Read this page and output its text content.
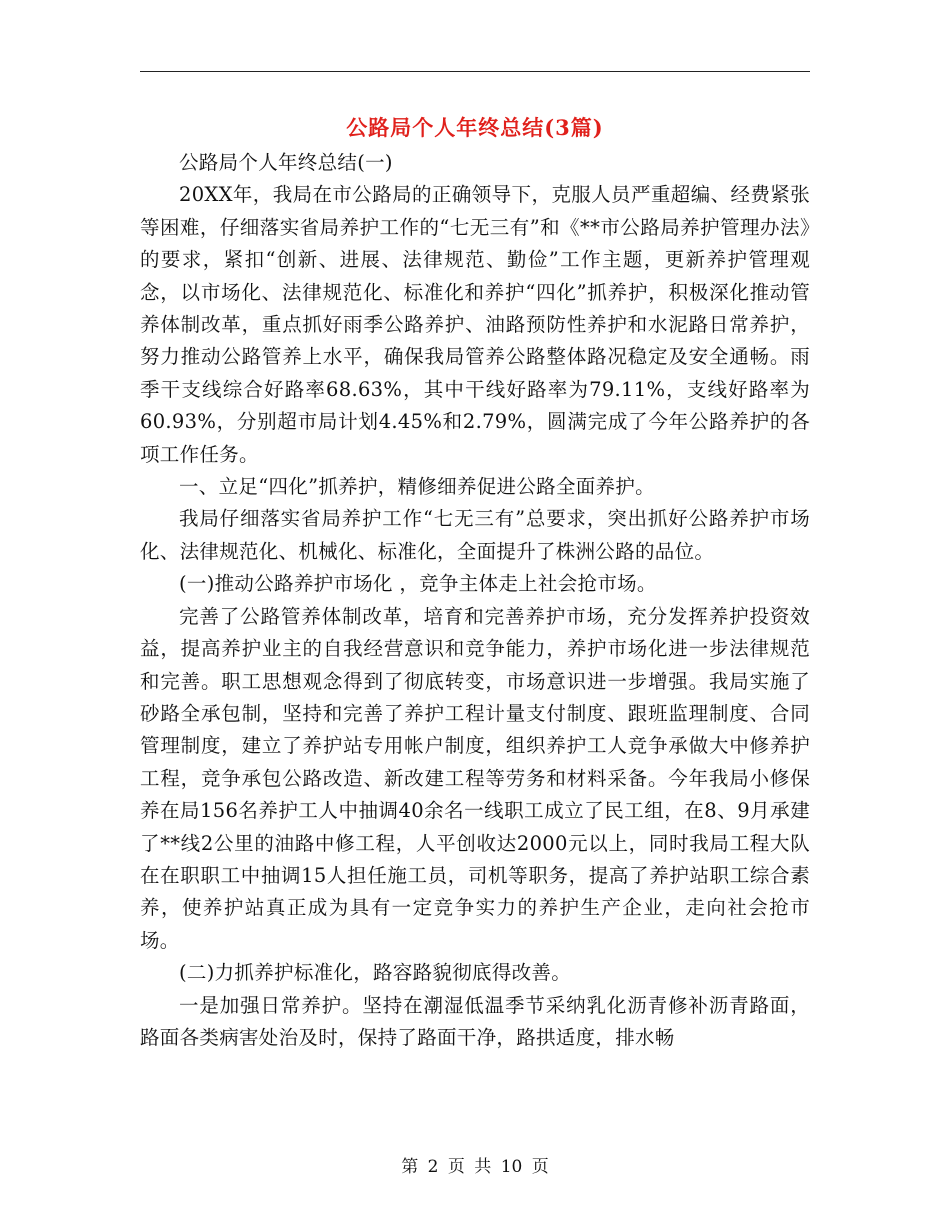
公路局个人年终总结(3篇)

公路局个人年终总结(一)

20XX年，我局在市公路局的正确领导下，克服人员严重超编、经费紧张等困难，仔细落实省局养护工作的“七无三有”和《**市公路局养护管理办法》的要求，紧扣“创新、进展、法律规范、勤俭”工作主题，更新养护管理观念，以市场化、法律规范化、标准化和养护“四化”抓养护，积极深化推动管养体制改革，重点抓好雨季公路养护、油路预防性养护和水泥路日常养护，努力推动公路管养上水平，确保我局管养公路整体路况稳定及安全通畅。雨季干支线综合好路率68.63%，其中干线好路率为79.11%，支线好路率为60.93%，分别超市局计划4.45%和2.79%，圆满完成了今年公路养护的各项工作任务。

一、立足“四化”抓养护，精修细养促进公路全面养护。

我局仔细落实省局养护工作“七无三有”总要求，突出抓好公路养护市场化、法律规范化、机械化、标准化，全面提升了株洲公路的品位。

(一)推动公路养护市场化 ，竞争主体走上社会抢市场。

完善了公路管养体制改革，培育和完善养护市场，充分发挥养护投资效益，提高养护业主的自我经营意识和竞争能力，养护市场化进一步法律规范和完善。职工思想观念得到了彻底转变，市场意识进一步增强。我局实施了砂路全承包制，坚持和完善了养护工程计量支付制度、跟班监理制度、合同管理制度，建立了养护站专用帐户制度，组织养护工人竞争承做大中修养护工程，竞争承包公路改造、新改建工程等劳务和材料采备。今年我局小修保养在局156名养护工人中抽调40余名一线职工成立了民工组，在8、9月承建了**线2公里的油路中修工程，人平创收达2000元以上，同时我局工程大队在在职职工中抽调15人担任施工员，司机等职务，提高了养护站职工综合素养，使养护站真正成为具有一定竞争实力的养护生产企业，走向社会抢市场。

(二)力抓养护标准化，路容路貌彻底得改善。

一是加强日常养护。坚持在潮湿低温季节采纳乳化沥青修补沥青路面，路面各类病害处治及时，保持了路面干净，路拱适度，排水畅

第 2 页 共 10 页
